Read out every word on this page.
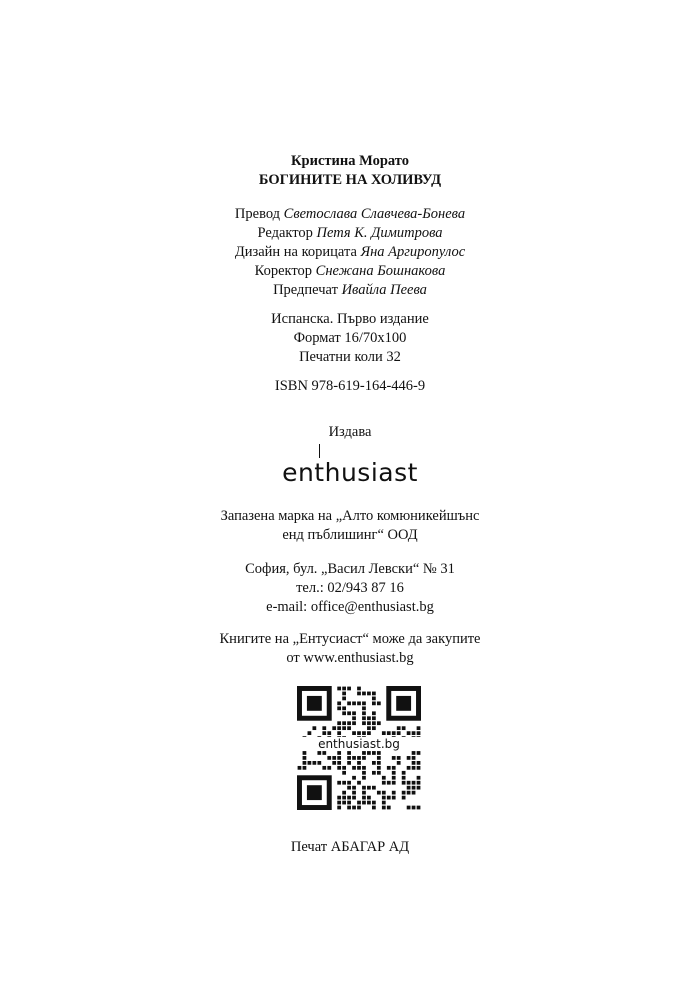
Кристина Морато
БОГИНИТЕ НА ХОЛИВУД
Превод Светослава Славчева-Бонева
Редактор Петя К. Димитрова
Дизайн на корицата Яна Аргиропулос
Коректор Снежана Бошнакова
Предпечат Ивайла Пеева
Испанска. Първо издание
Формат 16/70x100
Печатни коли 32
ISBN 978-619-164-446-9
Издава
enthusiast
Запазена марка на „Алто комюникейшънс
енд пъблишинг“ ООД
София, бул. „Васил Левски“ № 31
тел.: 02/943 87 16
e-mail: office@enthusiast.bg
Книгите на „Ентусиаст“ може да закупите
от www.enthusiast.bg
enthusiast.bg
Печат АБАГАР АД
